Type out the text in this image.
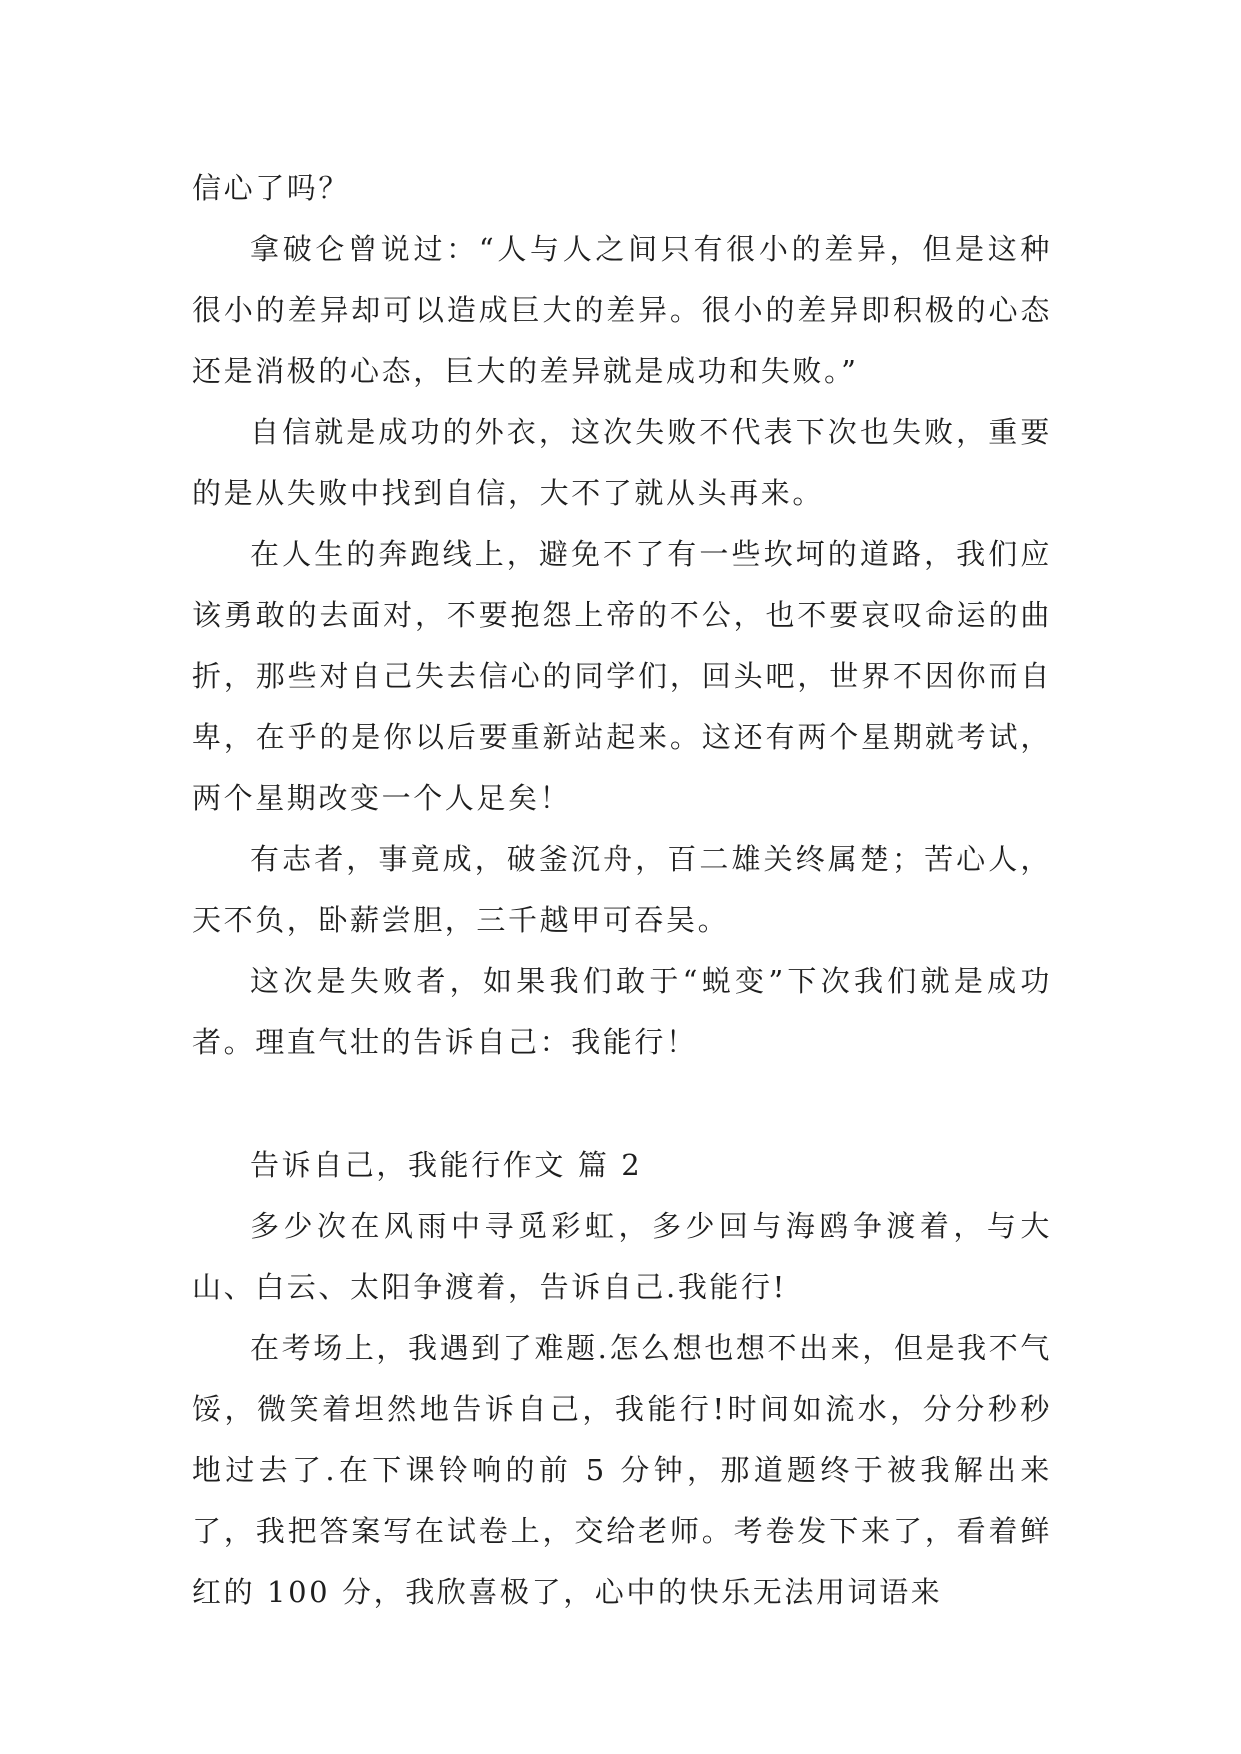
信心了吗？

拿破仑曾说过：“人与人之间只有很小的差异，但是这种很小的差异却可以造成巨大的差异。很小的差异即积极的心态还是消极的心态，巨大的差异就是成功和失败。”

自信就是成功的外衣，这次失败不代表下次也失败，重要的是从失败中找到自信，大不了就从头再来。

在人生的奔跑线上，避免不了有一些坎坷的道路，我们应该勇敢的去面对，不要抱怨上帝的不公，也不要哀叹命运的曲折，那些对自己失去信心的同学们，回头吧，世界不因你而自卑，在乎的是你以后要重新站起来。这还有两个星期就考试，两个星期改变一个人足矣！

有志者，事竟成，破釜沉舟，百二雄关终属楚；苦心人，天不负，卧薪尝胆，三千越甲可吞吴。

这次是失败者，如果我们敢于“蜕变”下次我们就是成功者。理直气壮的告诉自己：我能行！

告诉自己，我能行作文 篇 2

多少次在风雨中寻觅彩虹，多少回与海鸥争渡着，与大山、白云、太阳争渡着，告诉自己.我能行!

在考场上，我遇到了难题.怎么想也想不出来，但是我不气馁，微笑着坦然地告诉自己，我能行!时间如流水，分分秒秒地过去了.在下课铃响的前 5 分钟，那道题终于被我解出来了，我把答案写在试卷上，交给老师。考卷发下来了，看着鲜红的 100 分，我欣喜极了，心中的快乐无法用词语来
